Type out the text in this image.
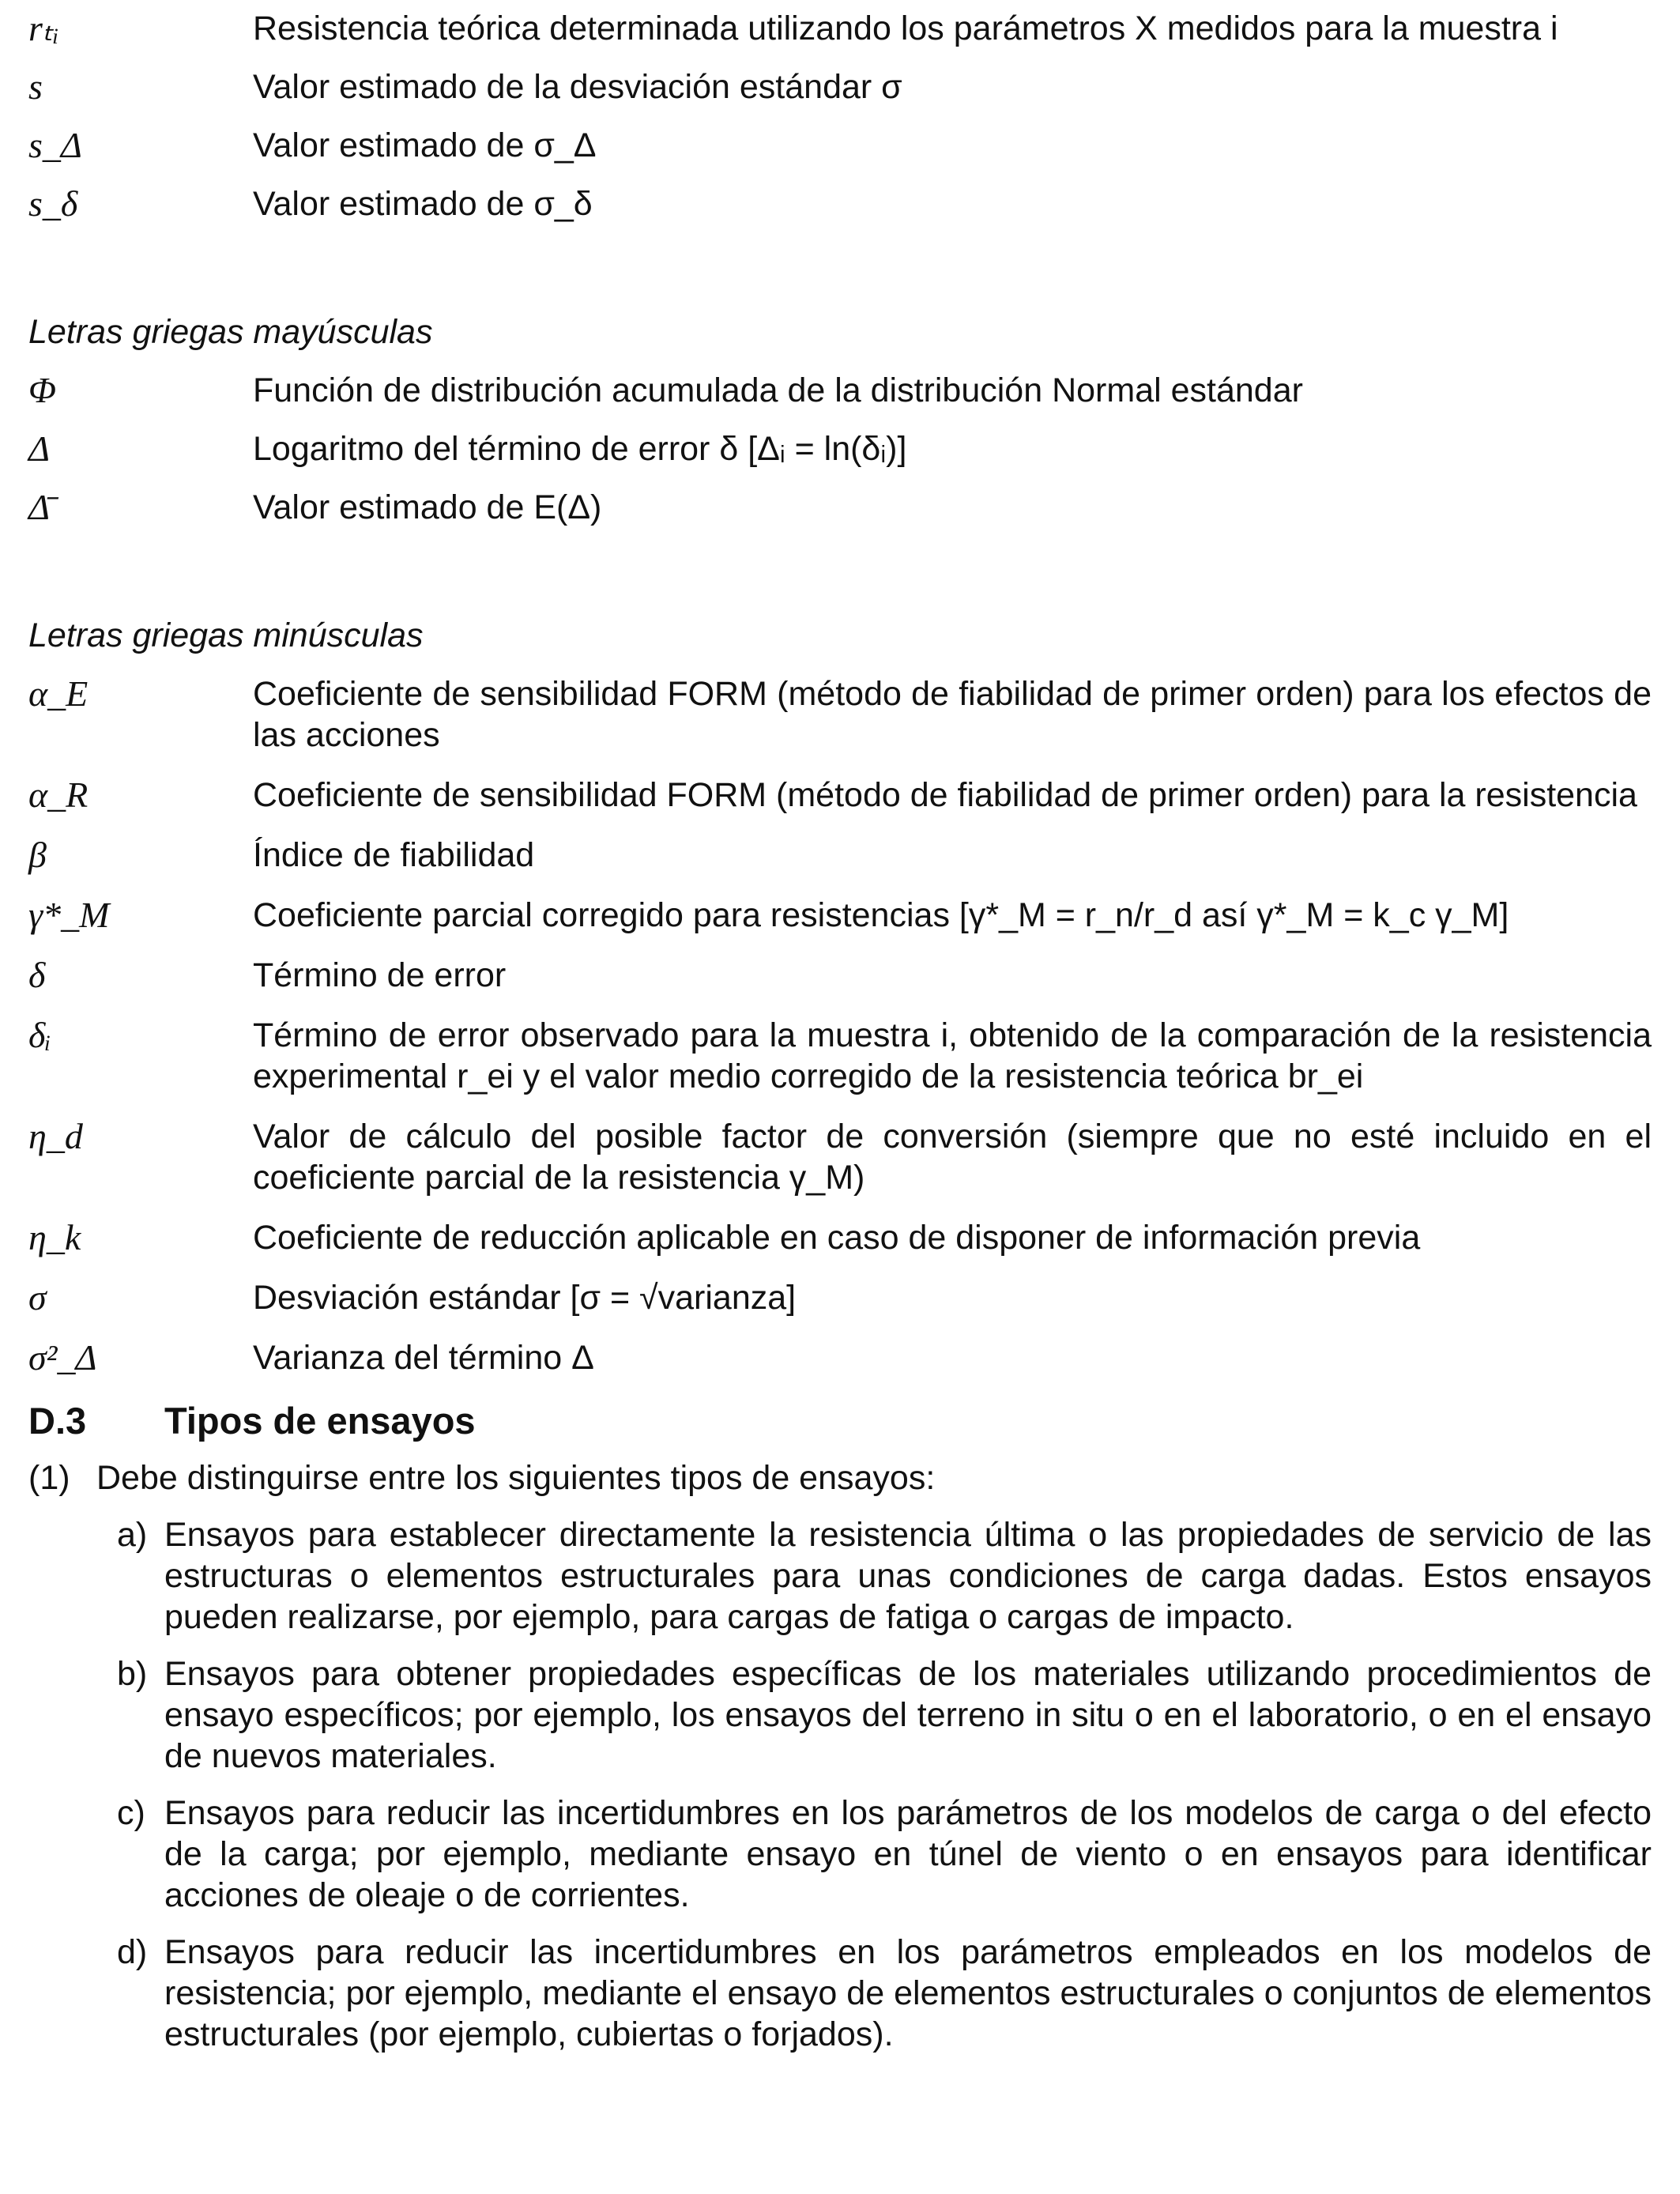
rₜᵢ	Resistencia teórica determinada utilizando los parámetros X medidos para la muestra i
s	Valor estimado de la desviación estándar σ
s_Δ	Valor estimado de σ_Δ
s_δ	Valor estimado de σ_δ
Letras griegas mayúsculas
Φ	Función de distribución acumulada de la distribución Normal estándar
Δ	Logaritmo del término de error δ [Δᵢ = ln(δᵢ)]
Δ̄	Valor estimado de E(Δ)
Letras griegas minúsculas
α_E	Coeficiente de sensibilidad FORM (método de fiabilidad de primer orden) para los efectos de las acciones
α_R	Coeficiente de sensibilidad FORM (método de fiabilidad de primer orden) para la resistencia
β	Índice de fiabilidad
γ*_M	Coeficiente parcial corregido para resistencias [γ*_M = r_n/r_d así γ*_M = k_c γ_M]
δ	Término de error
δᵢ	Término de error observado para la muestra i, obtenido de la comparación de la resistencia experimental r_ei y el valor medio corregido de la resistencia teórica br_ei
η_d	Valor de cálculo del posible factor de conversión (siempre que no esté incluido en el coeficiente parcial de la resistencia γ_M)
η_k	Coeficiente de reducción aplicable en caso de disponer de información previa
σ	Desviación estándar [σ = √varianza]
σ²_Δ	Varianza del término Δ
D.3	Tipos de ensayos
(1) Debe distinguirse entre los siguientes tipos de ensayos:
a) Ensayos para establecer directamente la resistencia última o las propiedades de servicio de las estructuras o elementos estructurales para unas condiciones de carga dadas. Estos ensayos pueden realizarse, por ejemplo, para cargas de fatiga o cargas de impacto.
b) Ensayos para obtener propiedades específicas de los materiales utilizando procedimientos de ensayo específicos; por ejemplo, los ensayos del terreno in situ o en el laboratorio, o en el ensayo de nuevos materiales.
c) Ensayos para reducir las incertidumbres en los parámetros de los modelos de carga o del efecto de la carga; por ejemplo, mediante ensayo en túnel de viento o en ensayos para identificar acciones de oleaje o de corrientes.
d) Ensayos para reducir las incertidumbres en los parámetros empleados en los modelos de resistencia; por ejemplo, mediante el ensayo de elementos estructurales o conjuntos de elementos estructurales (por ejemplo, cubiertas o forjados).
